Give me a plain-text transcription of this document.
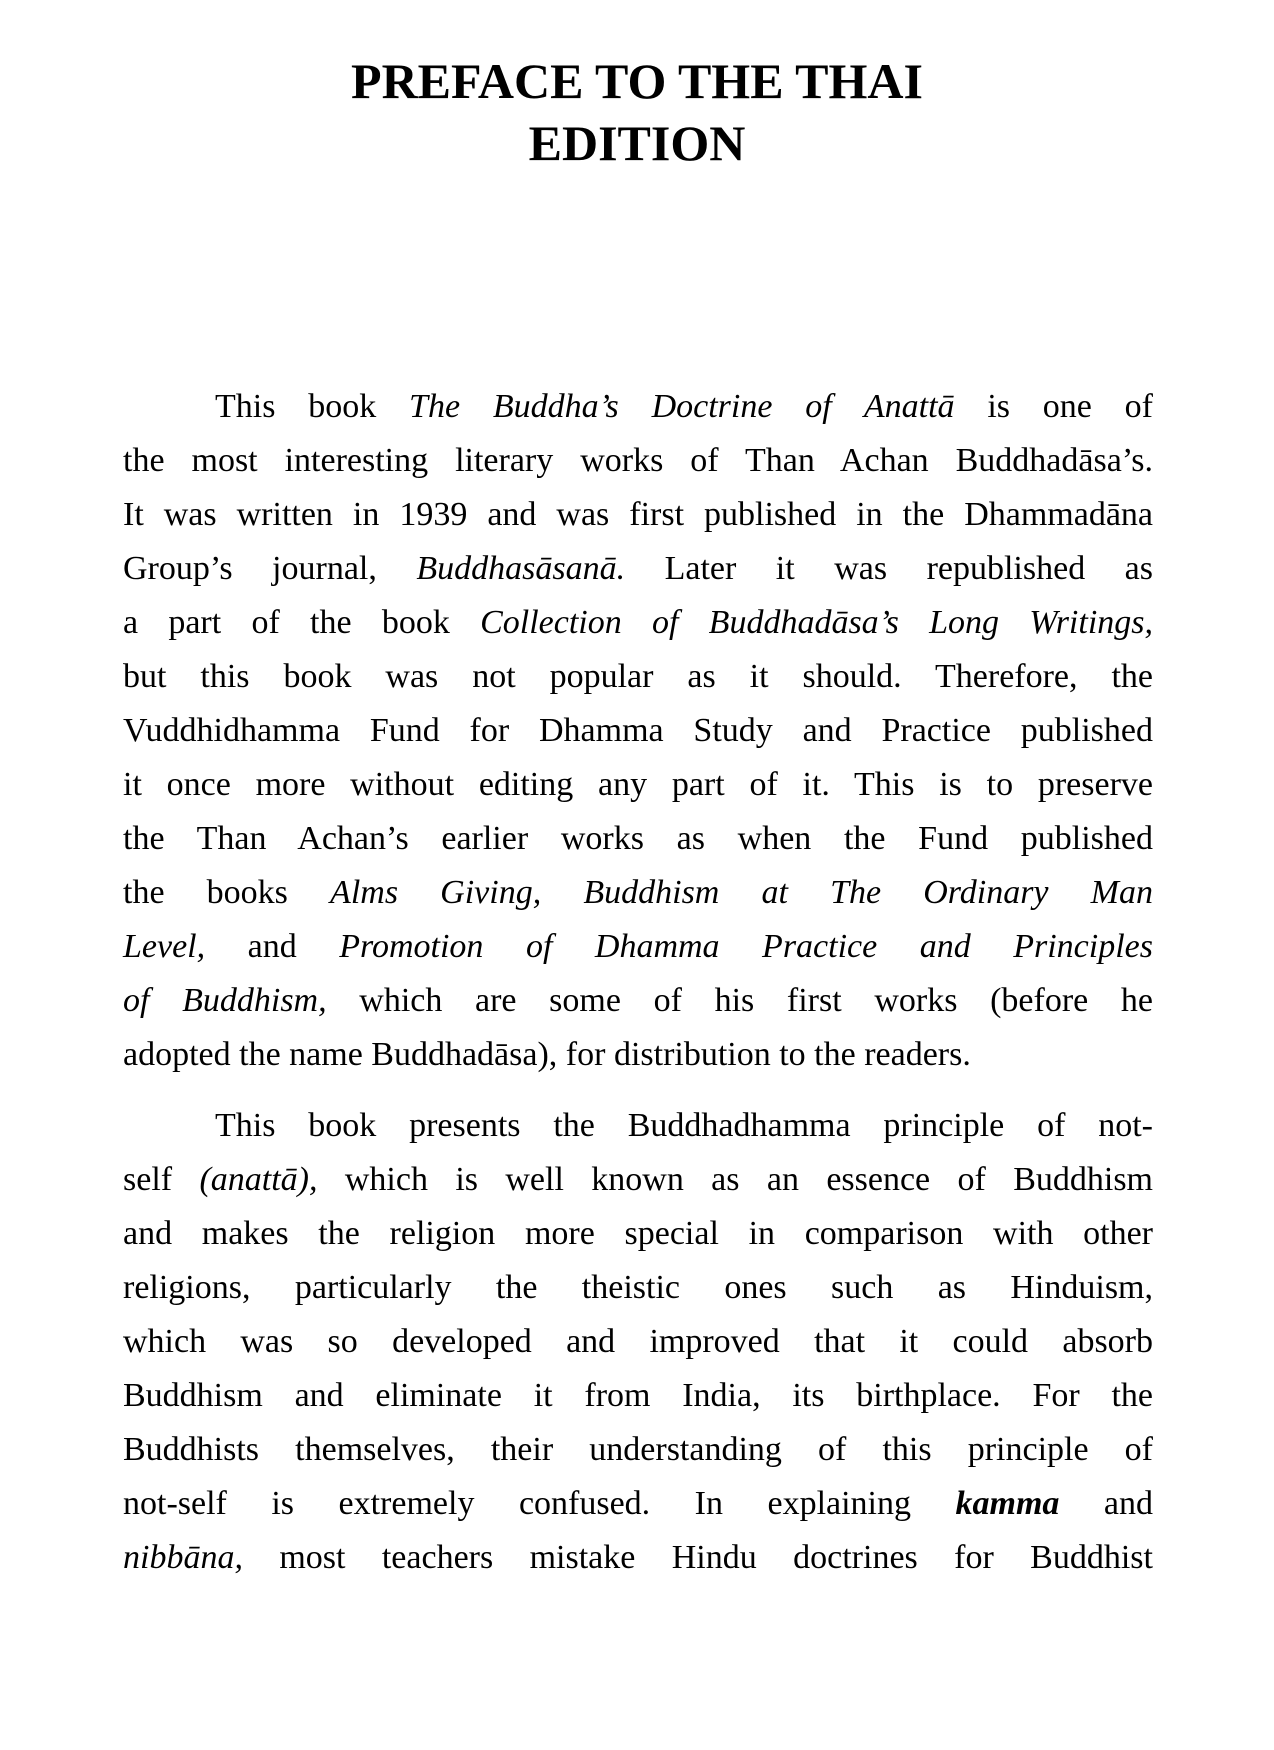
PREFACE TO THE THAI
EDITION

This book The Buddha’s Doctrine of Anattā is one of
the most interesting literary works of Than Achan Buddhadāsa’s.
It was written in 1939 and was first published in the Dhammadāna
Group’s journal, Buddhasāsanā. Later it was republished as
a part of the book Collection of Buddhadāsa’s Long Writings,
but this book was not popular as it should. Therefore, the
Vuddhidhamma Fund for Dhamma Study and Practice published
it once more without editing any part of it. This is to preserve
the Than Achan’s earlier works as when the Fund published
the books Alms Giving, Buddhism at The Ordinary Man
Level, and Promotion of Dhamma Practice and Principles
of Buddhism, which are some of his first works (before he
adopted the name Buddhadāsa), for distribution to the readers.

This book presents the Buddhadhamma principle of not-
self (anattā), which is well known as an essence of Buddhism
and makes the religion more special in comparison with other
religions, particularly the theistic ones such as Hinduism,
which was so developed and improved that it could absorb
Buddhism and eliminate it from India, its birthplace. For the
Buddhists themselves, their understanding of this principle of
not-self is extremely confused. In explaining kamma and
nibbāna, most teachers mistake Hindu doctrines for Buddhist
